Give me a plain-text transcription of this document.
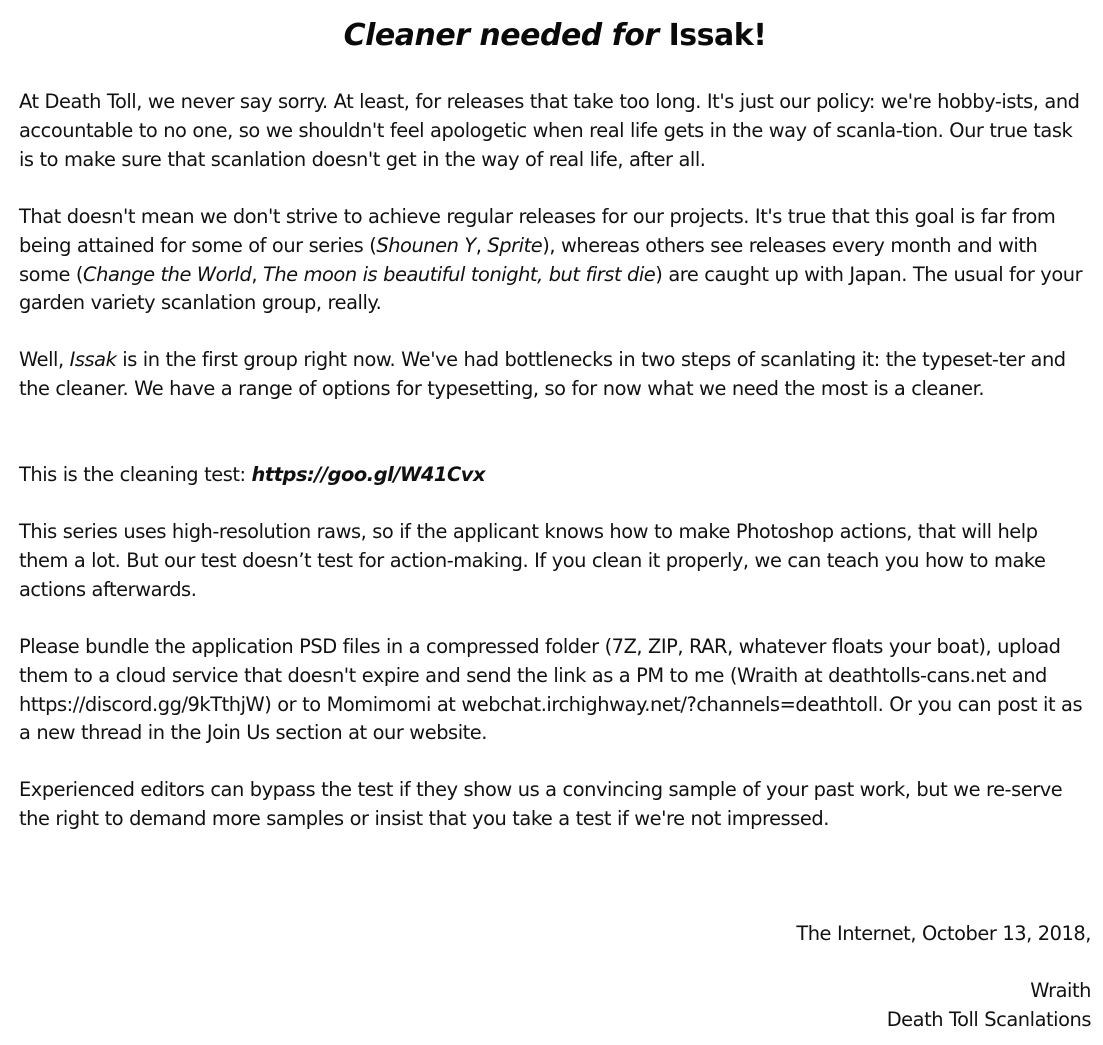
Cleaner needed for Issak!

At Death Toll, we never say sorry. At least, for releases that take too long. It's just our policy: we're hobby-ists, and accountable to no one, so we shouldn't feel apologetic when real life gets in the way of scanla-tion. Our true task is to make sure that scanlation doesn't get in the way of real life, after all.

That doesn't mean we don't strive to achieve regular releases for our projects. It's true that this goal is far from being attained for some of our series (Shounen Y, Sprite), whereas others see releases every month and with some (Change the World, The moon is beautiful tonight, but first die) are caught up with Japan. The usual for your garden variety scanlation group, really.

Well, Issak is in the first group right now. We've had bottlenecks in two steps of scanlating it: the typeset-ter and the cleaner. We have a range of options for typesetting, so for now what we need the most is a cleaner.

This is the cleaning test: https://goo.gl/W41Cvx

This series uses high-resolution raws, so if the applicant knows how to make Photoshop actions, that will help them a lot. But our test doesn’t test for action-making. If you clean it properly, we can teach you how to make actions afterwards.

Please bundle the application PSD files in a compressed folder (7Z, ZIP, RAR, whatever floats your boat), upload them to a cloud service that doesn't expire and send the link as a PM to me (Wraith at deathtolls-cans.net and https://discord.gg/9kTthjW) or to Momimomi at webchat.irchighway.net/?channels=deathtoll. Or you can post it as a new thread in the Join Us section at our website.

Experienced editors can bypass the test if they show us a convincing sample of your past work, but we re-serve the right to demand more samples or insist that you take a test if we're not impressed.

The Internet, October 13, 2018,

Wraith

Death Toll Scanlations
